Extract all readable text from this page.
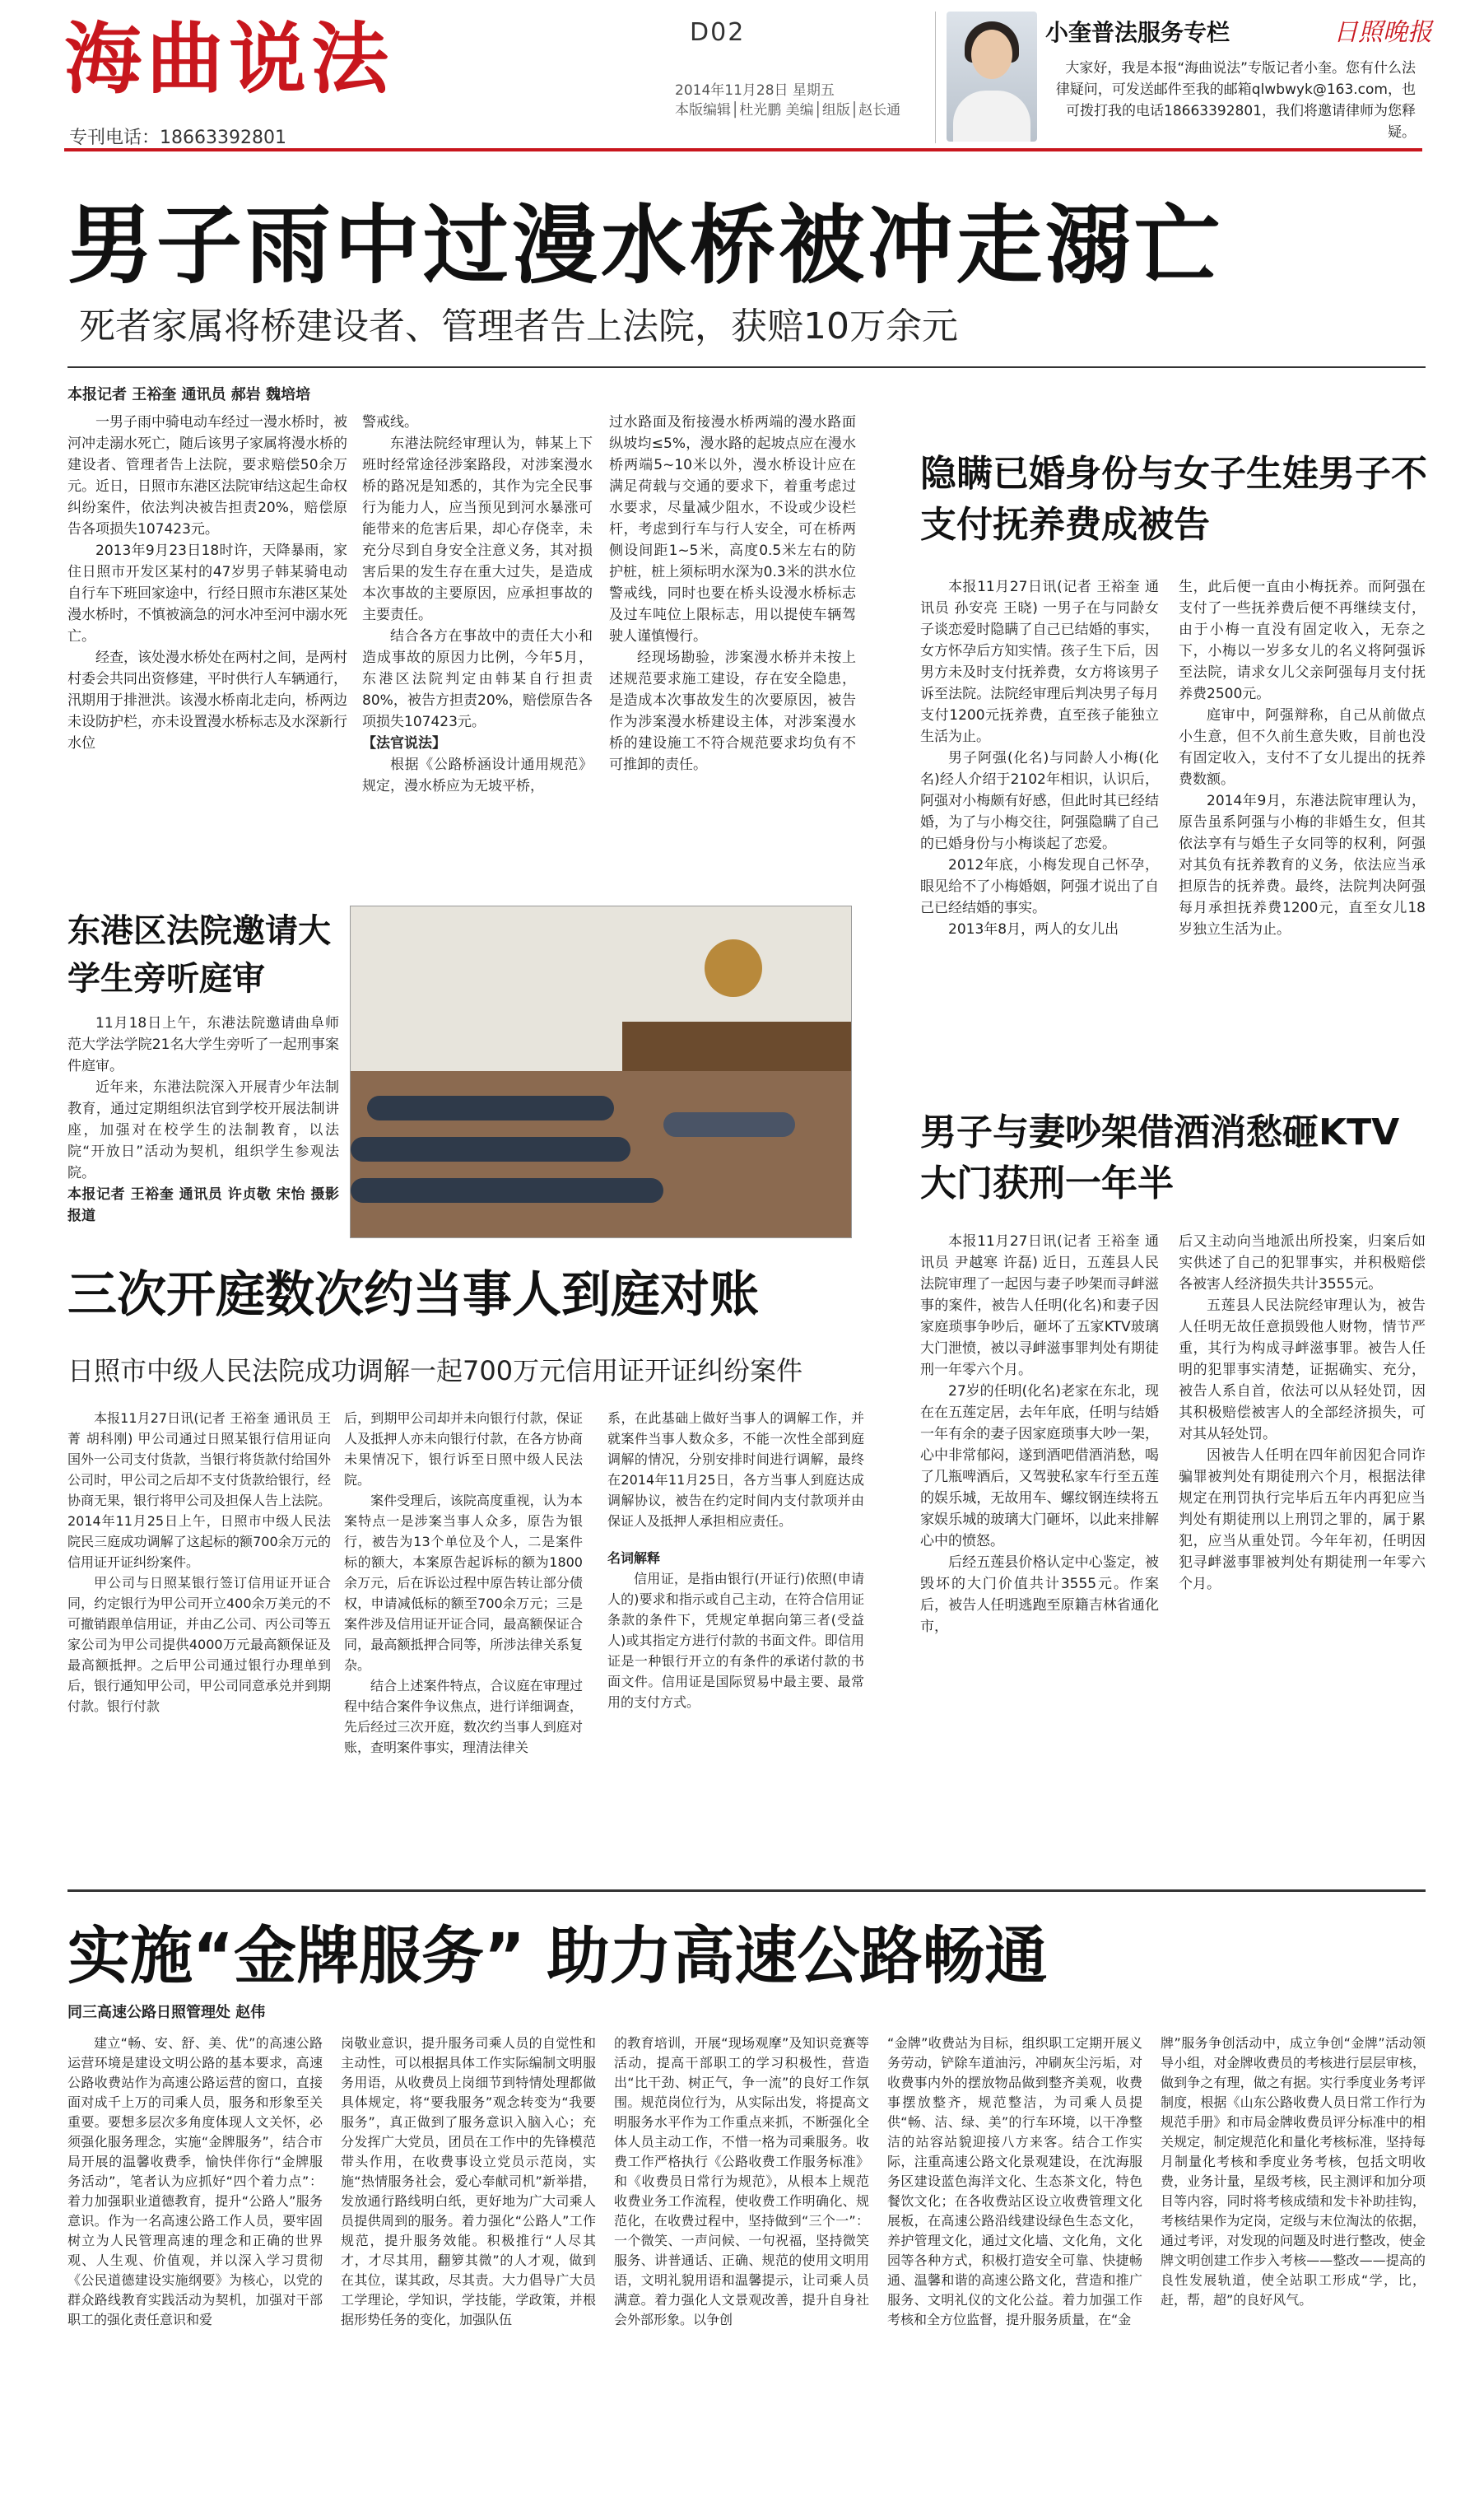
海曲说法
专刊电话：18663392801
D02
2014年11月28日 星期五
本版编辑│杜光鹏 美编│组版│赵长通
小奎普法服务专栏	日照晚报
大家好，我是本报“海曲说法”专版记者小奎。您有什么法律疑问，可发送邮件至我的邮箱qlwbwyk@163.com，也可拨打我的电话18663392801，我们将邀请律师为您释疑。
男子雨中过漫水桥被冲走溺亡
死者家属将桥建设者、管理者告上法院，获赔10万余元
本报记者 王裕奎 通讯员 郝岩 魏培培

一男子雨中骑电动车经过一漫水桥时，被河冲走溺水死亡，随后该男子家属将漫水桥的建设者、管理者告上法院，要求赔偿50余万元。近日，日照市东港区法院审结这起生命权纠纷案件，依法判决被告担责20%，赔偿原告各项损失107423元。

2013年9月23日18时许，天降暴雨，家住日照市开发区某村的47岁男子韩某骑电动自行车下班回家途中，行经日照市东港区某处漫水桥时，不慎被滴急的河水冲至河中溺水死亡。

经查，该处漫水桥处在两村之间，是两村村委会共同出资修建，平时供行人车辆通行，汛期用于排泄洪。该漫水桥南北走向，桥两边未设防护栏，亦未设置漫水桥标志及水深新行水位

警戒线。

东港法院经审理认为，韩某上下班时经常途径涉案路段，对涉案漫水桥的路况是知悉的，其作为完全民事行为能力人，应当预见到河水暴涨可能带来的危害后果，却心存侥幸，未充分尽到自身安全注意义务，其对损害后果的发生存在重大过失，是造成本次事故的主要原因，应承担事故的主要责任。

结合各方在事故中的责任大小和造成事故的原因力比例，今年5月，东港区法院判定由韩某自行担责80%，被告方担责20%，赔偿原告各项损失107423元。

【法官说法】

根据《公路桥涵设计通用规范》规定，漫水桥应为无坡平桥，

过水路面及衔接漫水桥两端的漫水路面纵坡均≤5%，漫水路的起坡点应在漫水桥两端5~10米以外，漫水桥设计应在满足荷载与交通的要求下，着重考虑过水要求，尽量减少阻水，不设或少设栏杆，考虑到行车与行人安全，可在桥两侧设间距1~5米，高度0.5米左右的防护桩，桩上须标明水深为0.3米的洪水位警戒线，同时也要在桥头设漫水桥标志及过车吨位上限标志，用以提使车辆驾驶人谨慎慢行。

经现场勘验，涉案漫水桥并未按上述规范要求施工建设，存在安全隐患，是造成本次事故发生的次要原因，被告作为涉案漫水桥建设主体，对涉案漫水桥的建设施工不符合规范要求均负有不可推卸的责任。

东港区法院邀请大学生旁听庭审

11月18日上午，东港法院邀请曲阜师范大学法学院21名大学生旁听了一起刑事案件庭审。

近年来，东港法院深入开展青少年法制教育，通过定期组织法官到学校开展法制讲座，加强对在校学生的法制教育，以法院“开放日”活动为契机，组织学生参观法院。

本报记者 王裕奎 通讯员 许贞敬 宋怡 摄影报道

隐瞒已婚身份与女子生娃男子不支付抚养费成被告

本报11月27日讯(记者 王裕奎 通讯员 孙安亮 王晓) 一男子在与同龄女子谈恋爱时隐瞒了自己已结婚的事实，女方怀孕后方知实情。孩子生下后，因男方未及时支付抚养费，女方将该男子诉至法院。法院经审理后判决男子每月支付1200元抚养费，直至孩子能独立生活为止。

男子阿强(化名)与同龄人小梅(化名)经人介绍于2102年相识，认识后，阿强对小梅颇有好感，但此时其已经结婚，为了与小梅交往，阿强隐瞒了自己的已婚身份与小梅谈起了恋爱。

2012年底，小梅发现自己怀孕，眼见给不了小梅婚姻，阿强才说出了自己已经结婚的事实。

2013年8月，两人的女儿出

生，此后便一直由小梅抚养。而阿强在支付了一些抚养费后便不再继续支付，由于小梅一直没有固定收入，无奈之下，小梅以一岁多女儿的名义将阿强诉至法院，请求女儿父亲阿强每月支付抚养费2500元。

庭审中，阿强辩称，自己从前做点小生意，但不久前生意失败，目前也没有固定收入，支付不了女儿提出的抚养费数额。

2014年9月，东港法院审理认为，原告虽系阿强与小梅的非婚生女，但其依法享有与婚生子女同等的权利，阿强对其负有抚养教育的义务，依法应当承担原告的抚养费。最终，法院判决阿强每月承担抚养费1200元，直至女儿18岁独立生活为止。

男子与妻吵架借酒消愁砸KTV大门获刑一年半

本报11月27日讯(记者 王裕奎 通讯员 尹越寒 许磊) 近日，五莲县人民法院审理了一起因与妻子吵架而寻衅滋事的案件，被告人任明(化名)和妻子因家庭琐事争吵后，砸坏了五家KTV玻璃大门泄愤，被以寻衅滋事罪判处有期徒刑一年零六个月。

27岁的任明(化名)老家在东北，现在在五莲定居，去年年底，任明与结婚一年有余的妻子因家庭琐事大吵一架，心中非常郁闷，遂到酒吧借酒消愁，喝了几瓶啤酒后，又驾驶私家车行至五莲的娱乐城，无故用车、螺纹钢连续将五家娱乐城的玻璃大门砸坏，以此来排解心中的愤怒。

后经五莲县价格认定中心鉴定，被毁坏的大门价值共计3555元。作案后，被告人任明逃跑至原籍吉林省通化市，

后又主动向当地派出所投案，归案后如实供述了自己的犯罪事实，并积极赔偿各被害人经济损失共计3555元。

五莲县人民法院经审理认为，被告人任明无故任意损毁他人财物，情节严重，其行为构成寻衅滋事罪。被告人任明的犯罪事实清楚，证据确实、充分，被告人系自首，依法可以从轻处罚，因其积极赔偿被害人的全部经济损失，可对其从轻处罚。

因被告人任明在四年前因犯合同诈骗罪被判处有期徒刑六个月，根据法律规定在刑罚执行完毕后五年内再犯应当判处有期徒刑以上刑罚之罪的，属于累犯，应当从重处罚。今年年初，任明因犯寻衅滋事罪被判处有期徒刑一年零六个月。

三次开庭数次约当事人到庭对账
日照市中级人民法院成功调解一起700万元信用证开证纠纷案件

本报11月27日讯(记者 王裕奎 通讯员 王菁 胡科刚) 甲公司通过日照某银行信用证向国外一公司支付货款，当银行将货款付给国外公司时，甲公司之后却不支付货款给银行，经协商无果，银行将甲公司及担保人告上法院。2014年11月25日上午，日照市中级人民法院民三庭成功调解了这起标的额700余万元的信用证开证纠纷案件。

甲公司与日照某银行签订信用证开证合同，约定银行为甲公司开立400余万美元的不可撤销跟单信用证，并由乙公司、丙公司等五家公司为甲公司提供4000万元最高额保证及最高额抵押。之后甲公司通过银行办理单到后，银行通知甲公司，甲公司同意承兑并到期付款。银行付款

后，到期甲公司却并未向银行付款，保证人及抵押人亦未向银行付款，在各方协商未果情况下，银行诉至日照中级人民法院。

案件受理后，该院高度重视，认为本案特点一是涉案当事人众多，原告为银行，被告为13个单位及个人，二是案件标的额大，本案原告起诉标的额为1800余万元，后在诉讼过程中原告转让部分债权，申请减低标的额至700余万元；三是案件涉及信用证开证合同，最高额保证合同，最高额抵押合同等，所涉法律关系复杂。

结合上述案件特点，合议庭在审理过程中结合案件争议焦点，进行详细调查，先后经过三次开庭，数次约当事人到庭对账，查明案件事实，理清法律关

系，在此基础上做好当事人的调解工作，并就案件当事人数众多，不能一次性全部到庭调解的情况，分别安排时间进行调解，最终在2014年11月25日，各方当事人到庭达成调解协议，被告在约定时间内支付款项并由保证人及抵押人承担相应责任。

名词解释

信用证，是指由银行(开证行)依照(申请人的)要求和指示或自己主动，在符合信用证条款的条件下，凭规定单据向第三者(受益人)或其指定方进行付款的书面文件。即信用证是一种银行开立的有条件的承诺付款的书面文件。信用证是国际贸易中最主要、最常用的支付方式。

实施“金牌服务” 助力高速公路畅通
同三高速公路日照管理处 赵伟

建立“畅、安、舒、美、优”的高速公路运营环境是建设文明公路的基本要求，高速公路收费站作为高速公路运营的窗口，直接面对成千上万的司乘人员，服务和形象至关重要。要想多层次多角度体现人文关怀，必须强化服务理念，实施“金牌服务”，结合市局开展的温馨收费季，愉快伴你行“金牌服务活动”，笔者认为应抓好“四个着力点”：着力加强职业道德教育，提升“公路人”服务意识。作为一名高速公路工作人员，要牢固树立为人民管理高速的理念和正确的世界观、人生观、价值观，并以深入学习贯彻《公民道德建设实施纲要》为核心，以党的群众路线教育实践活动为契机，加强对干部职工的强化责任意识和爱

岗敬业意识，提升服务司乘人员的自觉性和主动性，可以根据具体工作实际编制文明服务用语，从收费员上岗细节到特情处理都做具体规定，将“要我服务”观念转变为“我要服务”，真正做到了服务意识入脑入心；充分发挥广大党员，团员在工作中的先锋模范带头作用，在收费事设立党员示范岗，实施“热情服务社会，爱心奉献司机”新举措，发放通行路线明白纸，更好地为广大司乘人员提供周到的服务。着力强化“公路人”工作规范，提升服务效能。积极推行“人尽其才，才尽其用，翻箩其微”的人才观，做到在其位，谋其政，尽其责。大力倡导广大员工学理论，学知识，学技能，学政策，并根据形势任务的变化，加强队伍

的教育培训，开展“现场观摩”及知识竞赛等活动，提高干部职工的学习积极性，营造出“比干劲、树正气，争一流”的良好工作氛围。规范岗位行为，从实际出发，将提高文明服务水平作为工作重点来抓，不断强化全体人员主动工作，不惜一格为司乘服务。收费工作严格执行《公路收费工作服务标准》和《收费员日常行为规范》，从根本上规范收费业务工作流程，使收费工作明确化、规范化，在收费过程中，坚持做到“三个一”：一个微笑、一声问候、一句祝福，坚持微笑服务、讲普通话、正确、规范的使用文明用语，文明礼貌用语和温馨提示，让司乘人员满意。着力强化人文景观改善，提升自身社会外部形象。以争创

“金牌”收费站为目标，组织职工定期开展义务劳动，铲除车道油污，冲刷灰尘污垢，对收费事内外的摆放物品做到整齐美观，收费事摆放整齐，规范整洁，为司乘人员提供“畅、洁、绿、美”的行车环境，以干净整洁的站容站貌迎接八方来客。结合工作实际，注重高速公路文化景观建设，在沈海服务区建设蓝色海洋文化、生态茶文化，特色餐饮文化；在各收费站区设立收费管理文化展板，在高速公路沿线建设绿色生态文化，养护管理文化，通过文化墙、文化角，文化园等各种方式，积极打造安全可靠、快捷畅通、温馨和谐的高速公路文化，营造和推广服务、文明礼仪的文化公益。着力加强工作考核和全方位监督，提升服务质量，在“金

牌”服务争创活动中，成立争创“金牌”活动领导小组，对金牌收费员的考核进行层层审核，做到争之有理，做之有据。实行季度业务考评制度，根据《山东公路收费人员日常工作行为规范手册》和市局金牌收费员评分标准中的相关规定，制定规范化和量化考核标准，坚持每月制量化考核和季度业务考核，包括文明收费，业务计量，星级考核，民主测评和加分项目等内容，同时将考核成绩和发卡补助挂钩，考核结果作为定岗，定级与末位淘汰的依据，通过考评，对发现的问题及时进行整改，使金牌文明创建工作步入考核——整改——提高的良性发展轨道，使全站职工形成“学，比，赶，帮，超”的良好风气。
